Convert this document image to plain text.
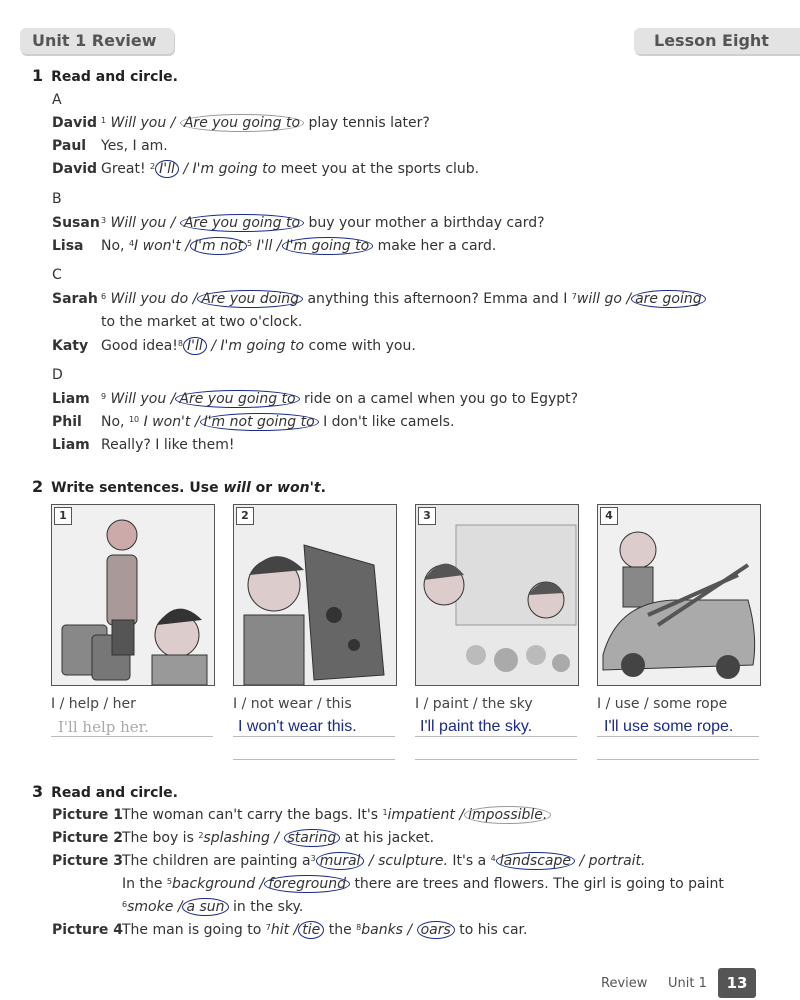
Unit 1 Review	Lesson Eight
1 Read and circle.
A
David $^1$ Will you / Are you going to play tennis later?
Paul Yes, I am.
David Great! $^2$ I'll / I'm going to meet you at the sports club.
B
Susan $^3$ Will you / Are you going to buy your mother a birthday card?
Lisa No, $^4$I won't / I'm not $^5$ I'll / I'm going to make her a card.
C
Sarah $^6$ Will you do / Are you doing anything this afternoon? Emma and I $^7$will go / are going
to the market at two o'clock.
Katy Good idea!$^8$ I'll / I'm going to come with you.
D
Liam $^9$ Will you / Are you going to ride on a camel when you go to Egypt?
Phil No, $^{10}$ I won't / I'm not going to I don't like camels.
Liam Really? I like them!
2 Write sentences. Use will or won't.
1	2	3	4
I / help / her	I / not wear / this	I / paint / the sky	I / use / some rope
I'll help her.	I won't wear this.	I'll paint the sky.	I'll use some rope.
3 Read and circle.
Picture 1
The woman can't carry the bags. It's $^1$impatient / impossible.
Picture 2
The boy is $^2$splashing / staring at his jacket.
Picture 3
The children are painting $a^3$ mural / sculpture. It's a $^4$ landscape / portrait.
In the $^5$background / foreground there are trees and flowers. The girl is going to paint
$^6$smoke / a sun in the sky.
Picture 4
The man is going to $^7$hit / tie the $^8$banks / oars to his car.
Review Unit 1	13
